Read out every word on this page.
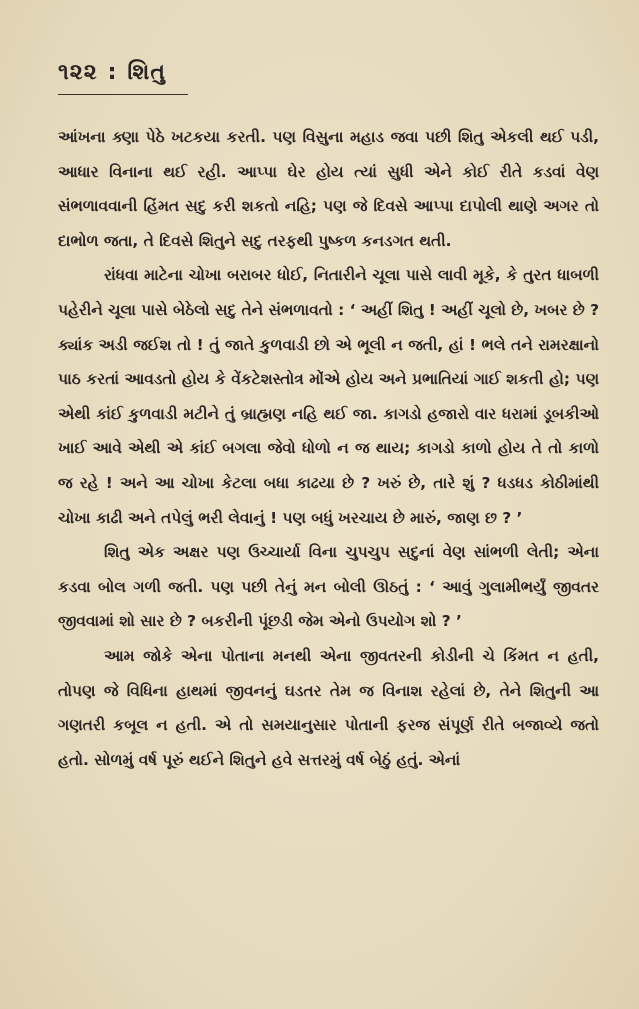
૧૨૨ : શિતુ

આંખના ક્ણા પેઠે ખટકયા કરતી. પણ વિસુના મહાડ જવા પછી શિતુ એકલી થઈ પડી, આધાર વિનાના થઈ રહી. આપ્પા ઘેર હોય ત્યાં સુધી એને કોઈ રીતે કડવાં વેણ સંભળાવવાની હિંમત સદુ કરી શકતો નહિ; પણ જે દિવસે આપ્પા દાપોલી થાણે અગર તો દાભોળ જતા, તે દિવસે શિતુને સદુ તરફથી પુષ્કળ કનડગત થતી.

રાંધવા માટેના ચોખા બરાબર ધોઈ, નિતારીને ચૂલા પાસે લાવી મૂકે, કે તુરત ધાબળી પહેરીને ચૂલા પાસે બેઠેલો સદુ તેને સંભળાવતો : ‘ અહીં શિતુ ! અહીં ચૂલો છે, ખબર છે ? ક્યાંક અડી જઈશ તો ! તું જાતે કુળવાડી છો એ ભૂલી ન જતી, હાં ! ભલે તને રામરક્ષાનો પાઠ કરતાં આવડતો હોય કે વેંકટેશસ્તોત્ર મોંએ હોય અને પ્રભાતિયાં ગાઈ શકતી હો; પણ એથી કાંઈ કુળવાડી મટીને તું બ્રાહ્મણ નહિ થઈ જા. કાગડો હજારો વાર ધરામાં ડૂબકીઓ ખાઈ આવે એથી એ કાંઈ બગલા જેવો ધોળો ન જ થાય; કાગડો કાળો હોય તે તો કાળો જ રહે ! અને આ ચોખા કેટલા બધા કાઢયા છે ? ખરું છે, તારે શું ? ધડધડ કોઠીમાંથી ચોખા કાઢી અને તપેલું ભરી લેવાનું ! પણ બધું ખરચાય છે મારું, જાણ છ ? ’

શિતુ એક અક્ષર પણ ઉચ્ચાર્યા વિના ચુપચુપ સદુનાં વેણ સાંભળી લેતી; એના કડવા બોલ ગળી જતી. પણ પછી તેનું મન બોલી ઊઠતું : ‘ આવું ગુલામીભર્યું જીવતર જીવવામાં શો સાર છે ? બકરીની પૂંછડી જેમ એનો ઉપયોગ શો ? ’

આમ જોકે એના પોતાના મનથી એના જીવતરની કોડીની ચે કિંમત ન હતી, તોપણ જે વિધિના હાથમાં જીવનનું ઘડતર તેમ જ વિનાશ રહેલાં છે, તેને શિતુની આ ગણતરી કબૂલ ન હતી. એ તો સમયાનુસાર પોતાની ફરજ સંપૂર્ણ રીતે બજાવ્યે જતો હતો. સોળમું વર્ષ પૂરું થઈને શિતુને હવે સત્તરમું વર્ષ બેઠું હતું. એનાં
